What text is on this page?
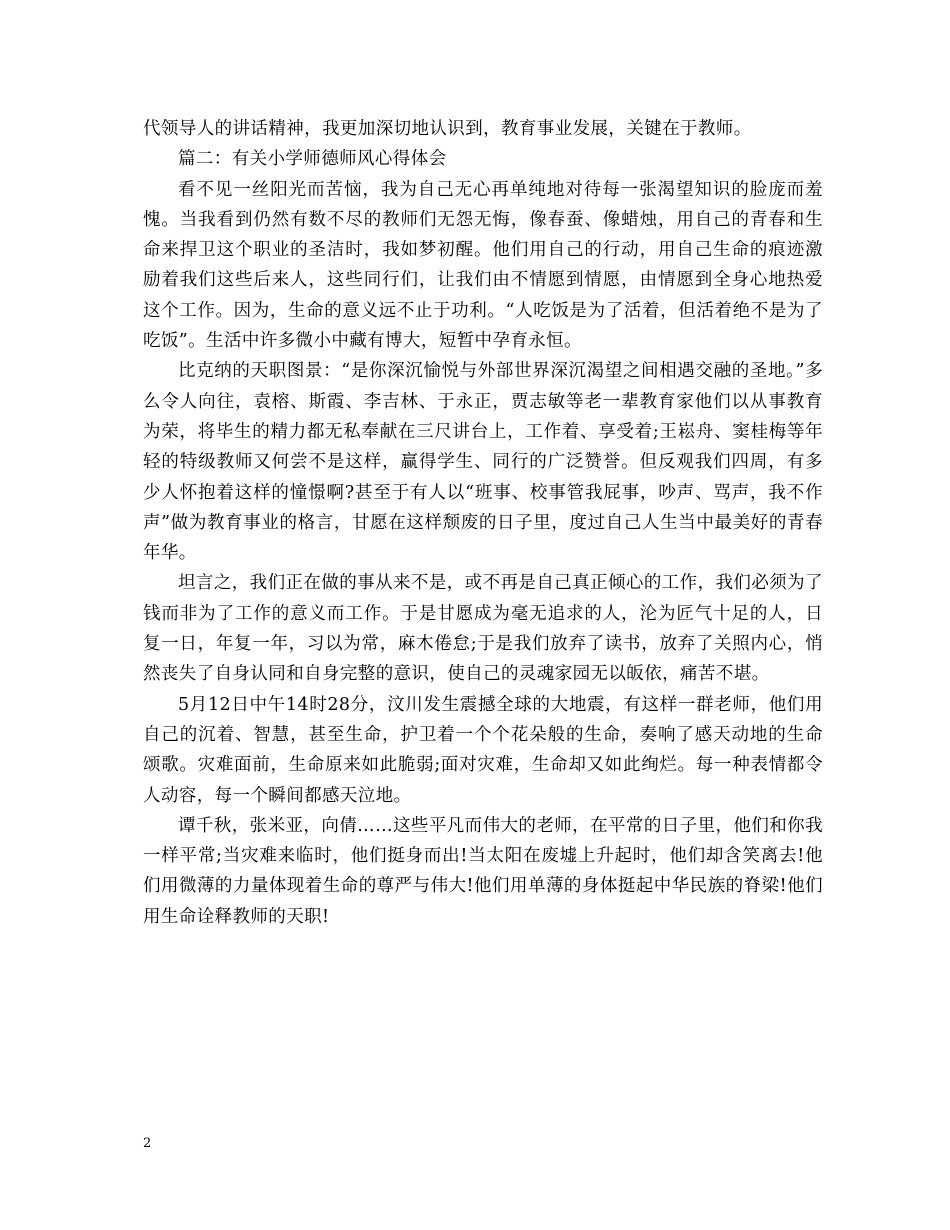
代领导人的讲话精神，我更加深切地认识到，教育事业发展，关键在于教师。

篇二：有关小学师德师风心得体会

看不见一丝阳光而苦恼，我为自己无心再单纯地对待每一张渴望知识的脸庞而羞愧。当我看到仍然有数不尽的教师们无怨无悔，像春蚕、像蜡烛，用自己的青春和生命来捍卫这个职业的圣洁时，我如梦初醒。他们用自己的行动，用自己生命的痕迹激励着我们这些后来人，这些同行们，让我们由不情愿到情愿，由情愿到全身心地热爱这个工作。因为，生命的意义远不止于功利。“人吃饭是为了活着，但活着绝不是为了吃饭”。生活中许多微小中藏有博大，短暂中孕育永恒。

比克纳的天职图景：“是你深沉愉悦与外部世界深沉渴望之间相遇交融的圣地。”多么令人向往，袁榕、斯霞、李吉林、于永正，贾志敏等老一辈教育家他们以从事教育为荣，将毕生的精力都无私奉献在三尺讲台上，工作着、享受着;王崧舟、窦桂梅等年轻的特级教师又何尝不是这样，赢得学生、同行的广泛赞誉。但反观我们四周，有多少人怀抱着这样的憧憬啊?甚至于有人以“班事、校事管我屁事，吵声、骂声，我不作声”做为教育事业的格言，甘愿在这样颓废的日子里，度过自己人生当中最美好的青春年华。

坦言之，我们正在做的事从来不是，或不再是自己真正倾心的工作，我们必须为了钱而非为了工作的意义而工作。于是甘愿成为毫无追求的人，沦为匠气十足的人，日复一日，年复一年，习以为常，麻木倦怠;于是我们放弃了读书，放弃了关照内心，悄然丧失了自身认同和自身完整的意识，使自己的灵魂家园无以皈依，痛苦不堪。

5月12日中午14时28分，汶川发生震撼全球的大地震，有这样一群老师，他们用自己的沉着、智慧，甚至生命，护卫着一个个花朵般的生命，奏响了感天动地的生命颂歌。灾难面前，生命原来如此脆弱;面对灾难，生命却又如此绚烂。每一种表情都令人动容，每一个瞬间都感天泣地。

谭千秋，张米亚，向倩……这些平凡而伟大的老师，在平常的日子里，他们和你我一样平常;当灾难来临时，他们挺身而出!当太阳在废墟上升起时，他们却含笑离去!他们用微薄的力量体现着生命的尊严与伟大!他们用单薄的身体挺起中华民族的脊梁!他们用生命诠释教师的天职!

2
